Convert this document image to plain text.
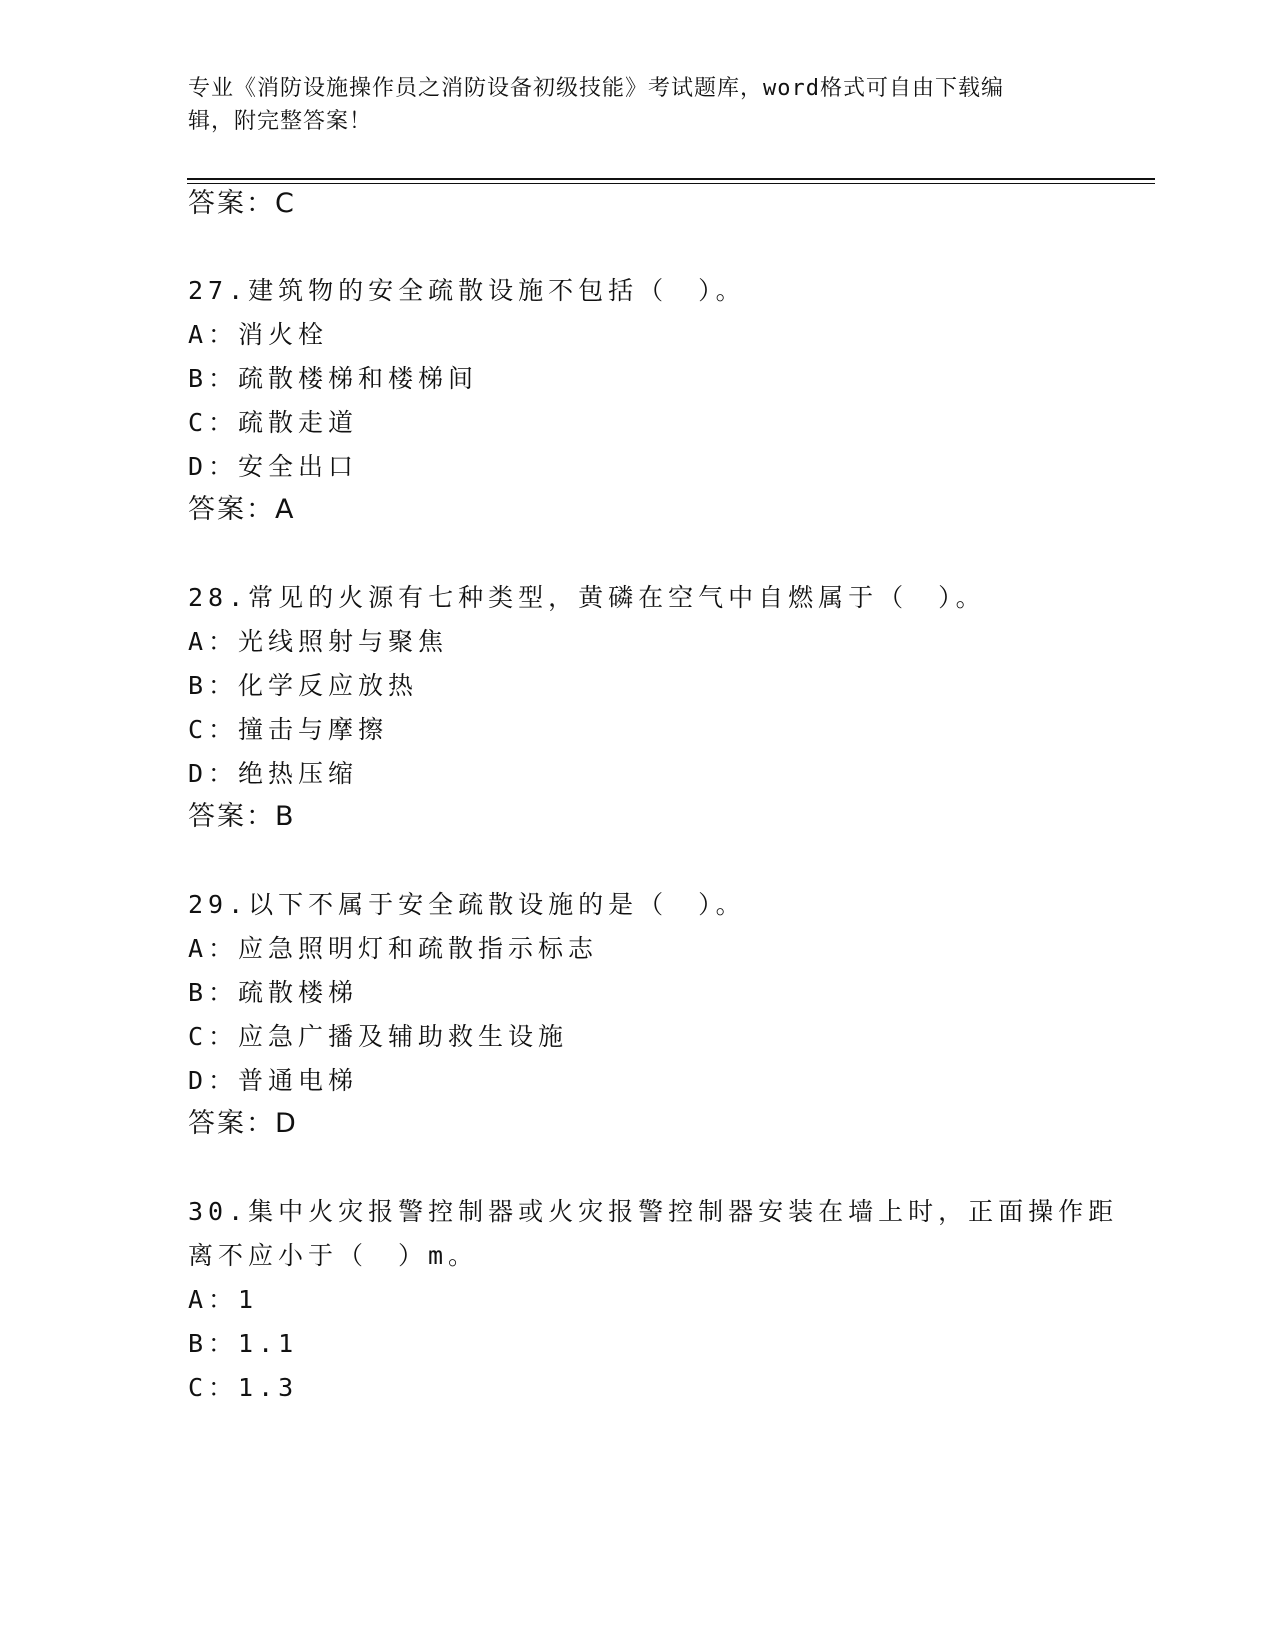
专业《消防设施操作员之消防设备初级技能》考试题库，word格式可自由下载编
辑，附完整答案！
答案：C
27.建筑物的安全疏散设施不包括（　）。
A：消火栓
B：疏散楼梯和楼梯间
C：疏散走道
D：安全出口
答案：A
28.常见的火源有七种类型，黄磷在空气中自燃属于（　）。
A：光线照射与聚焦
B：化学反应放热
C：撞击与摩擦
D：绝热压缩
答案：B
29.以下不属于安全疏散设施的是（　）。
A：应急照明灯和疏散指示标志
B：疏散楼梯
C：应急广播及辅助救生设施
D：普通电梯
答案：D
30.集中火灾报警控制器或火灾报警控制器安装在墙上时，正面操作距
离不应小于（　）m。
A：1
B：1.1
C：1.3
